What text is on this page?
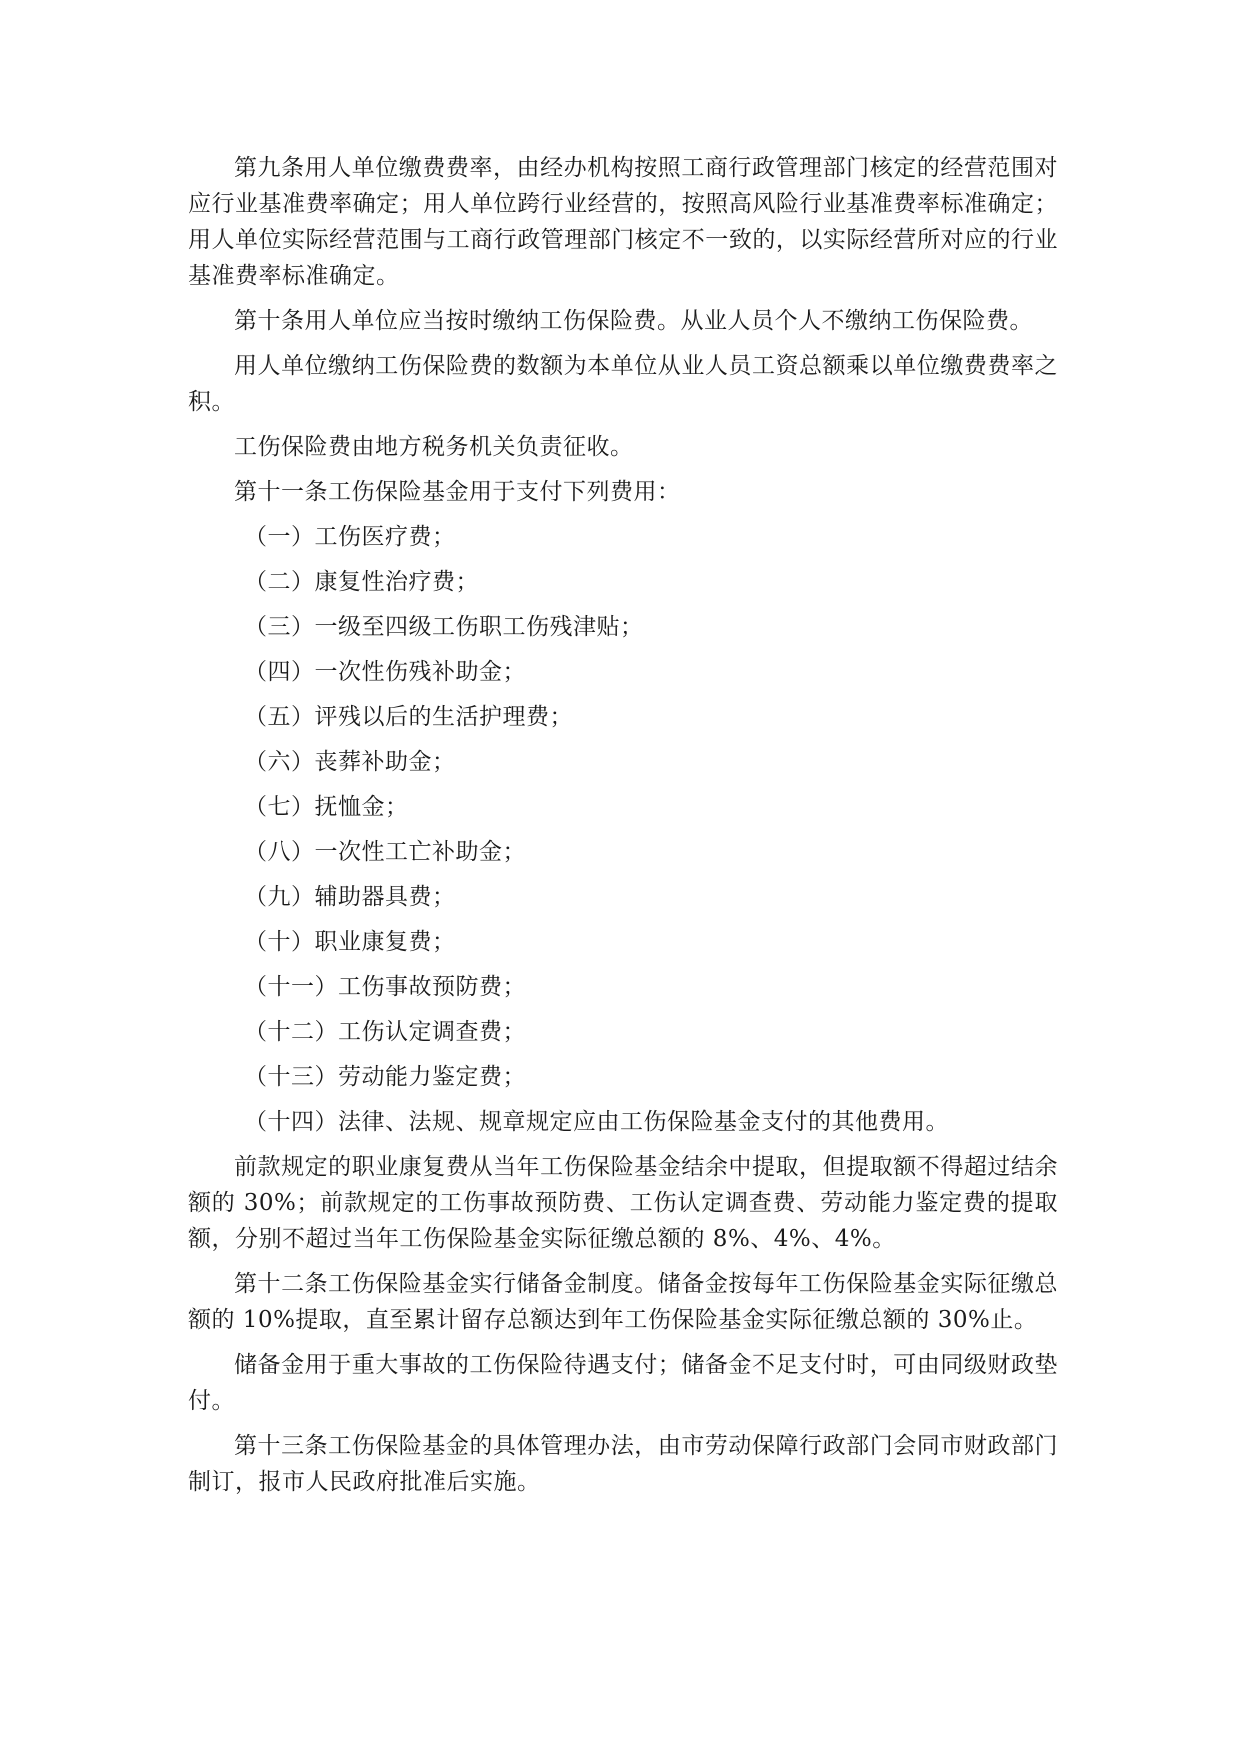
第九条用人单位缴费费率，由经办机构按照工商行政管理部门核定的经营范围对应行业基准费率确定；用人单位跨行业经营的，按照高风险行业基准费率标准确定；用人单位实际经营范围与工商行政管理部门核定不一致的，以实际经营所对应的行业基准费率标准确定。

第十条用人单位应当按时缴纳工伤保险费。从业人员个人不缴纳工伤保险费。

用人单位缴纳工伤保险费的数额为本单位从业人员工资总额乘以单位缴费费率之积。

工伤保险费由地方税务机关负责征收。

第十一条工伤保险基金用于支付下列费用：

（一）工伤医疗费；

（二）康复性治疗费；

（三）一级至四级工伤职工伤残津贴；

（四）一次性伤残补助金；

（五）评残以后的生活护理费；

（六）丧葬补助金；

（七）抚恤金；

（八）一次性工亡补助金；

（九）辅助器具费；

（十）职业康复费；

（十一）工伤事故预防费；

（十二）工伤认定调查费；

（十三）劳动能力鉴定费；

（十四）法律、法规、规章规定应由工伤保险基金支付的其他费用。

前款规定的职业康复费从当年工伤保险基金结余中提取，但提取额不得超过结余额的 30%；前款规定的工伤事故预防费、工伤认定调查费、劳动能力鉴定费的提取额，分别不超过当年工伤保险基金实际征缴总额的 8%、4%、4%。

第十二条工伤保险基金实行储备金制度。储备金按每年工伤保险基金实际征缴总额的 10%提取，直至累计留存总额达到年工伤保险基金实际征缴总额的 30%止。

储备金用于重大事故的工伤保险待遇支付；储备金不足支付时，可由同级财政垫付。

第十三条工伤保险基金的具体管理办法，由市劳动保障行政部门会同市财政部门制订，报市人民政府批准后实施。
